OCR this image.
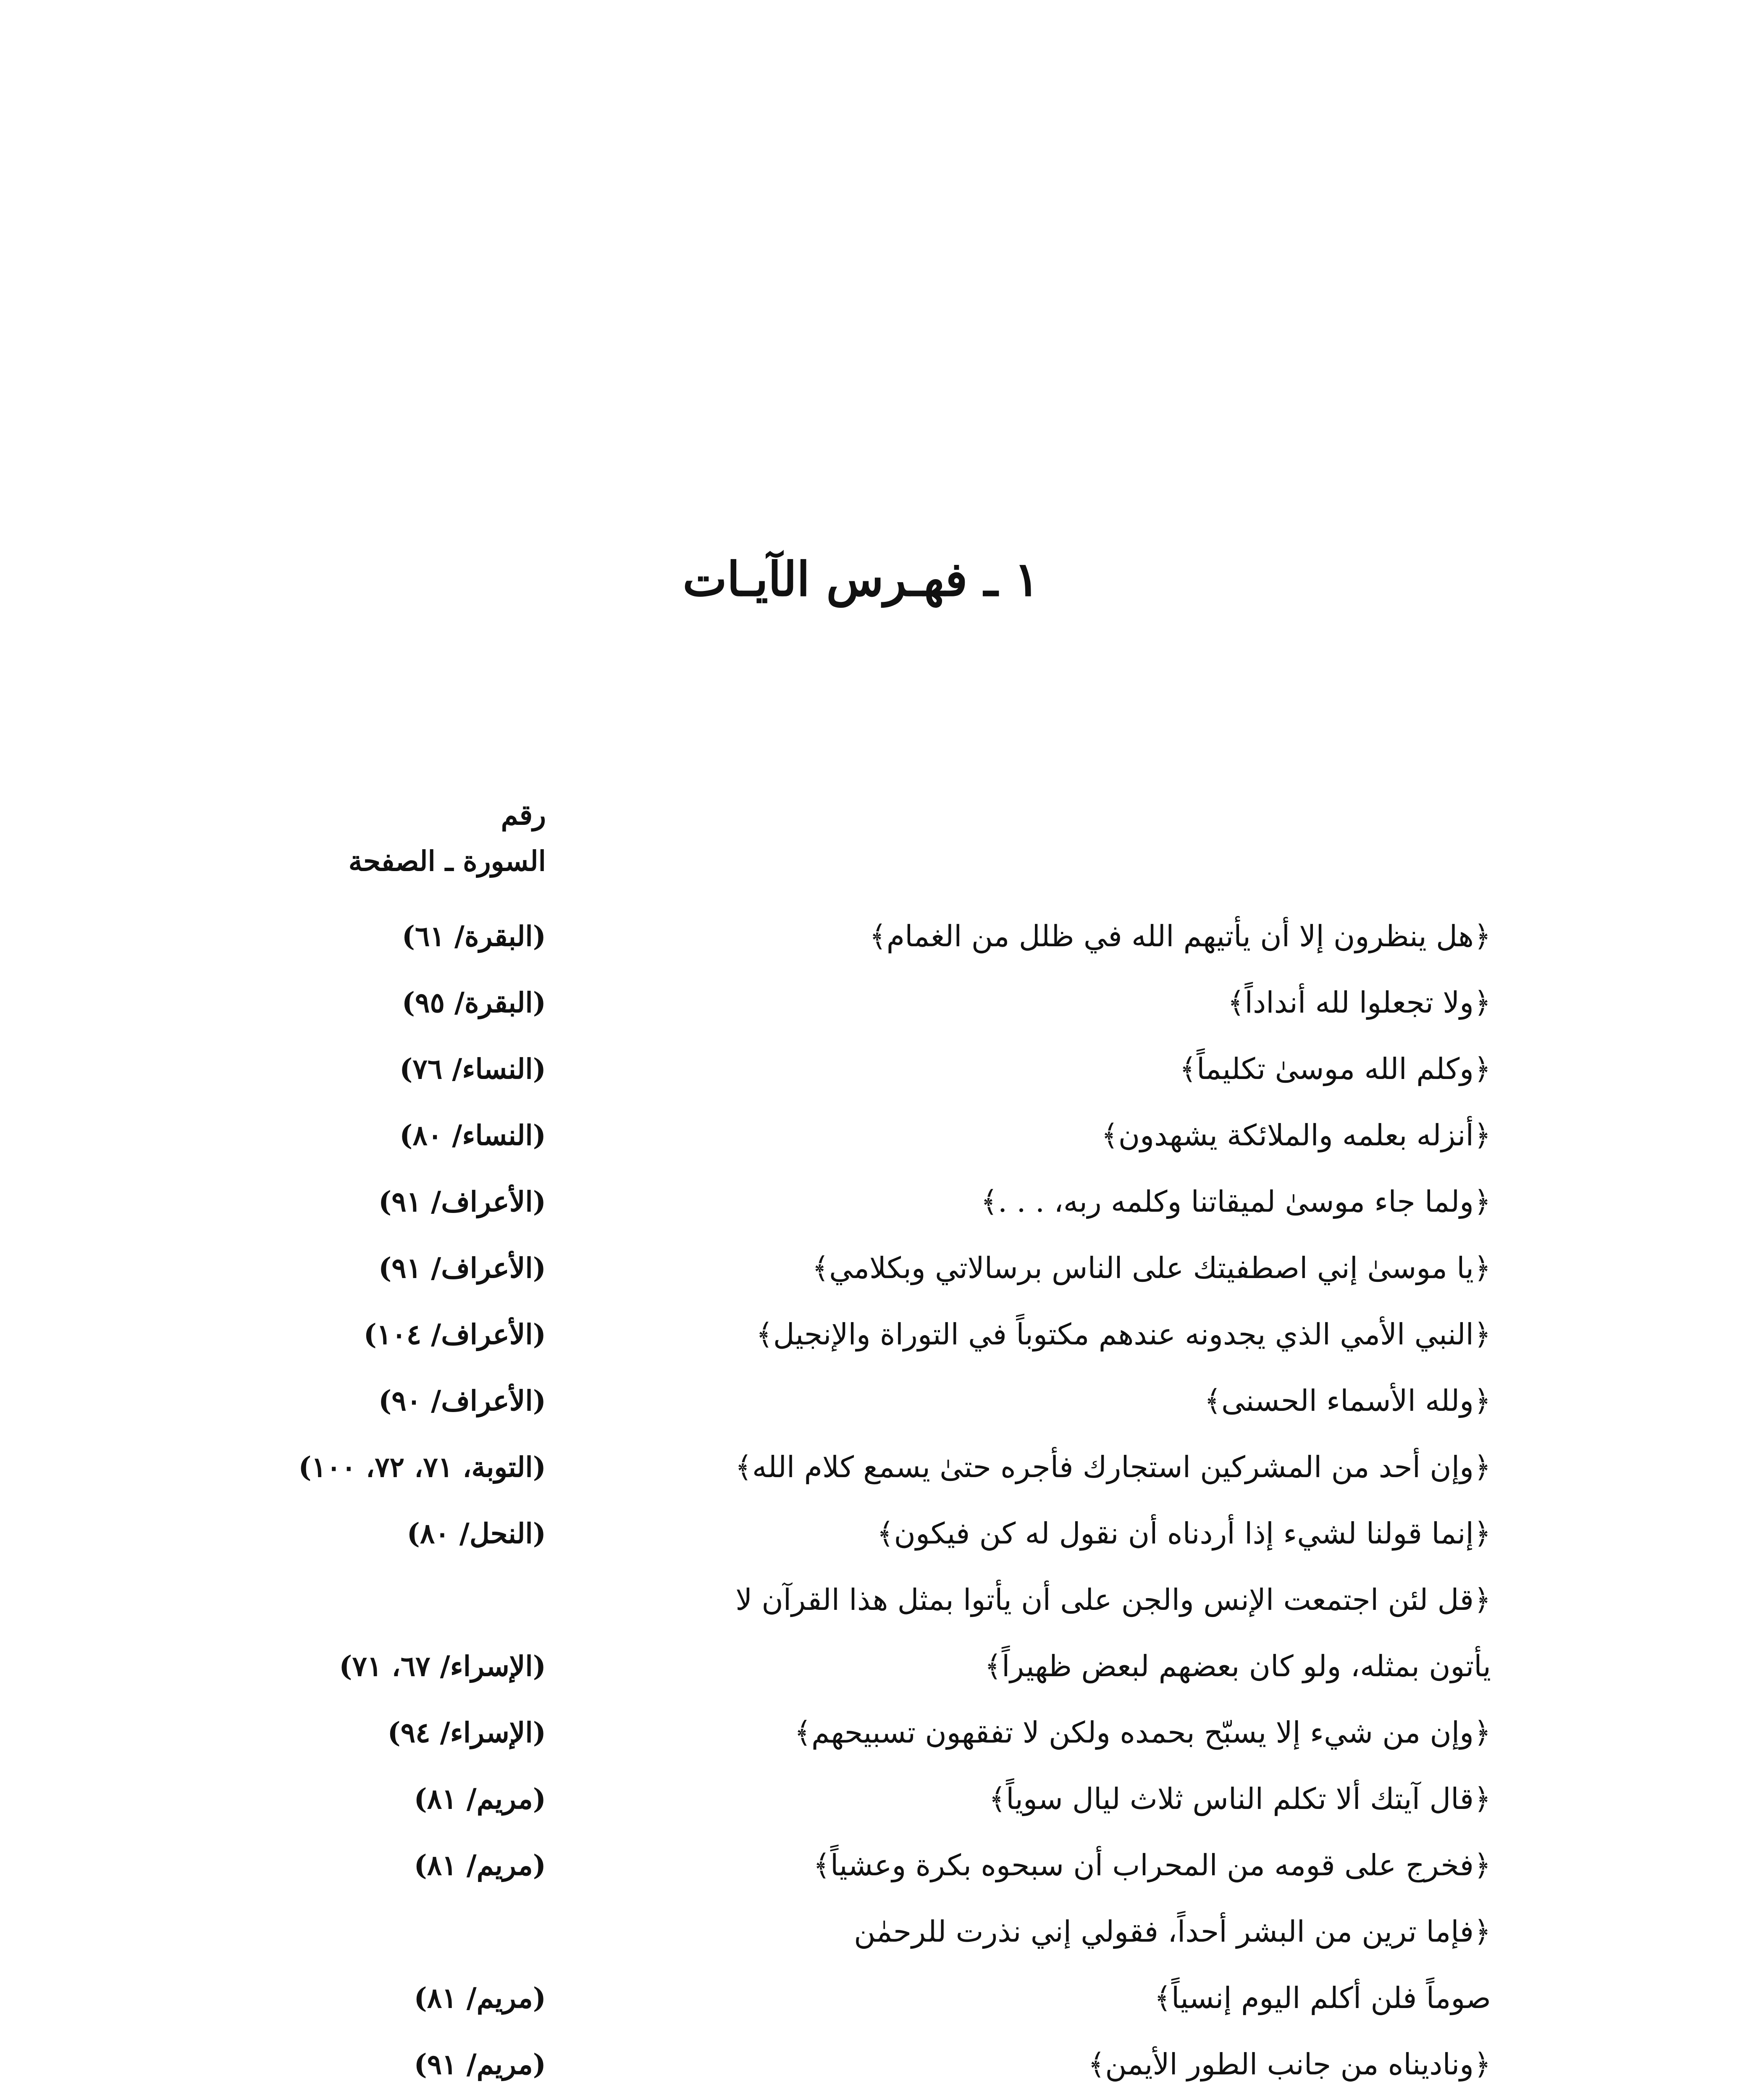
١ ـ فهـرس الآيـات
رقم
السورة ـ الصفحة
﴿هل ينظرون إلا أن يأتيهم الله في ظلل من الغمام﴾
(البقرة/ ٦١)
﴿ولا تجعلوا لله أنداداً﴾
(البقرة/ ٩٥)
﴿وكلم الله موسىٰ تكليماً﴾
(النساء/ ٧٦)
﴿أنزله بعلمه والملائكة يشهدون﴾
(النساء/ ٨٠)
﴿ولما جاء موسىٰ لميقاتنا وكلمه ربه، . . .﴾
(الأعراف/ ٩١)
﴿يا موسىٰ إني اصطفيتك على الناس برسالاتي وبكلامي﴾
(الأعراف/ ٩١)
﴿النبي الأمي الذي يجدونه عندهم مكتوباً في التوراة والإنجيل﴾
(الأعراف/ ١٠٤)
﴿ولله الأسماء الحسنى﴾
(الأعراف/ ٩٠)
﴿وإن أحد من المشركين استجارك فأجره حتىٰ يسمع كلام الله﴾
(التوبة، ٧١، ٧٢، ١٠٠)
﴿إنما قولنا لشيء إذا أردناه أن نقول له كن فيكون﴾
(النحل/ ٨٠)
﴿قل لئن اجتمعت الإنس والجن على أن يأتوا بمثل هذا القرآن لا
يأتون بمثله، ولو كان بعضهم لبعض ظهيراً﴾
(الإسراء/ ٦٧، ٧١)
﴿وإن من شيء إلا يسبّح بحمده ولكن لا تفقهون تسبيحهم﴾
(الإسراء/ ٩٤)
﴿قال آيتك ألا تكلم الناس ثلاث ليال سوياً﴾
(مريم/ ٨١)
﴿فخرج على قومه من المحراب أن سبحوه بكرة وعشياً﴾
(مريم/ ٨١)
﴿فإما ترين من البشر أحداً، فقولي إني نذرت للرحمٰن
صوماً فلن أكلم اليوم إنسياً﴾
(مريم/ ٨١)
﴿وناديناه من جانب الطور الأيمن﴾
(مريم/ ٩١)
